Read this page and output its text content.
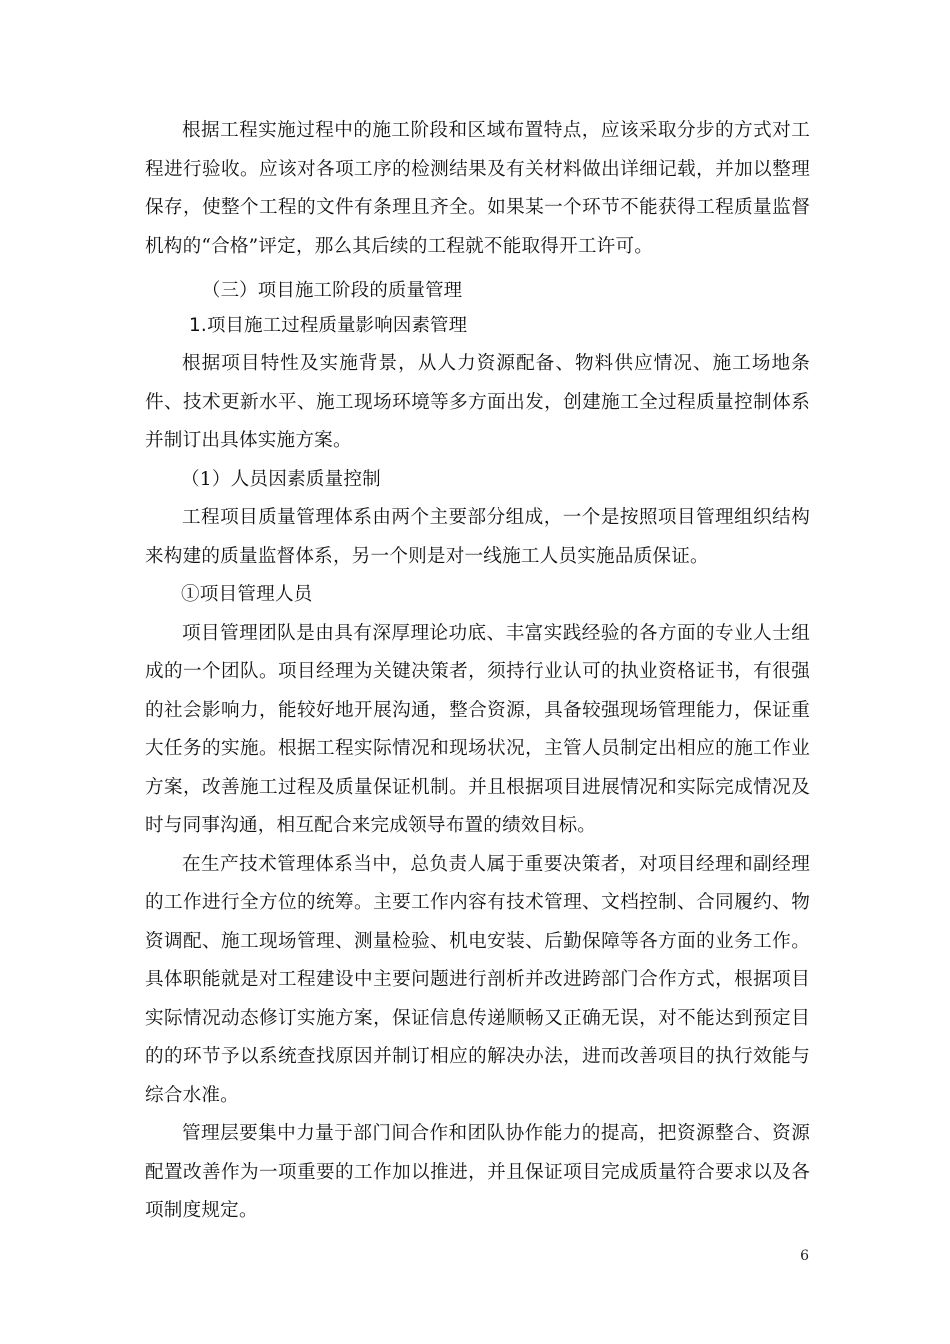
根据工程实施过程中的施工阶段和区域布置特点，应该采取分步的方式对工程进行验收。应该对各项工序的检测结果及有关材料做出详细记载，并加以整理保存，使整个工程的文件有条理且齐全。如果某一个环节不能获得工程质量监督机构的“合格”评定，那么其后续的工程就不能取得开工许可。

（三）项目施工阶段的质量管理

1.项目施工过程质量影响因素管理

根据项目特性及实施背景，从人力资源配备、物料供应情况、施工场地条件、技术更新水平、施工现场环境等多方面出发，创建施工全过程质量控制体系并制订出具体实施方案。

（1）人员因素质量控制

工程项目质量管理体系由两个主要部分组成，一个是按照项目管理组织结构来构建的质量监督体系，另一个则是对一线施工人员实施品质保证。

①项目管理人员

项目管理团队是由具有深厚理论功底、丰富实践经验的各方面的专业人士组成的一个团队。项目经理为关键决策者，须持行业认可的执业资格证书，有很强的社会影响力，能较好地开展沟通，整合资源，具备较强现场管理能力，保证重大任务的实施。根据工程实际情况和现场状况，主管人员制定出相应的施工作业方案，改善施工过程及质量保证机制。并且根据项目进展情况和实际完成情况及时与同事沟通，相互配合来完成领导布置的绩效目标。

在生产技术管理体系当中，总负责人属于重要决策者，对项目经理和副经理的工作进行全方位的统筹。主要工作内容有技术管理、文档控制、合同履约、物资调配、施工现场管理、测量检验、机电安装、后勤保障等各方面的业务工作。具体职能就是对工程建设中主要问题进行剖析并改进跨部门合作方式，根据项目实际情况动态修订实施方案，保证信息传递顺畅又正确无误，对不能达到预定目的的环节予以系统查找原因并制订相应的解决办法，进而改善项目的执行效能与综合水准。

管理层要集中力量于部门间合作和团队协作能力的提高，把资源整合、资源配置改善作为一项重要的工作加以推进，并且保证项目完成质量符合要求以及各项制度规定。

6
